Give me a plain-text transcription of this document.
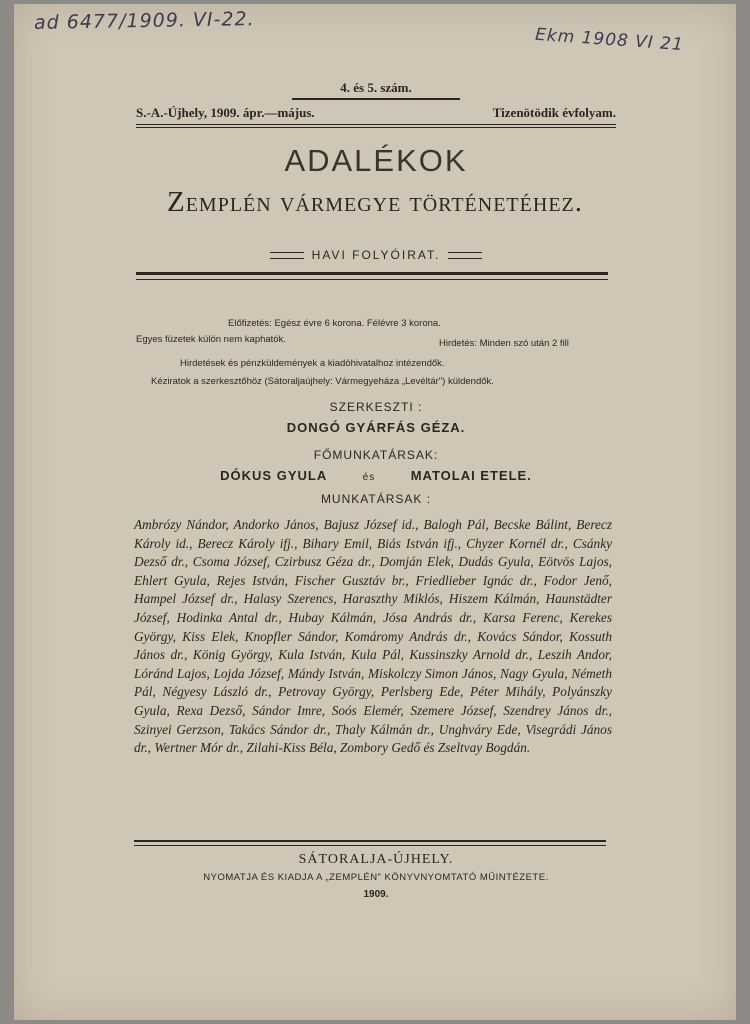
ad 6477/1909. VI-22.
Ekm 1908 VI 21
4. és 5. szám.
S.-A.-Újhely, 1909. ápr.—május.	Tizenötödik évfolyam.
ADALÉKOK
Zemplén vármegye történetéhez.
HAVI FOLYÓIRAT.
Előfizetés: Egész évre 6 korona. Félévre 3 korona.
Egyes füzetek külön nem kaphatók.	Hirdetés: Minden szó után 2 fill
Hirdetések és pénzküldemények a kiadóhivatalhoz intézendők.
Kéziratok a szerkesztőhöz (Sátoraljaújhely: Vármegyeháza „Levéltár") küldendők.
SZERKESZTI :
DONGÓ GYÁRFÁS GÉZA.
FŐMUNKATÁRSAK:
DÓKUS GYULA	és	MATOLAI ETELE.
MUNKATÁRSAK :
Ambrózy Nándor, Andorko János, Bajusz József id., Balogh Pál, Becske Bálint, Berecz Károly id., Berecz Károly ifj., Bihary Emil, Biás István ifj., Chyzer Kornél dr., Csánky Dezső dr., Csoma József, Czirbusz Géza dr., Domján Elek, Dudás Gyula, Eötvös Lajos, Ehlert Gyula, Rejes István, Fischer Gusztáv br., Friedlieber Ignác dr., Fodor Jenő, Hampel József dr., Halasy Szerencs, Haraszthy Miklós, Hiszem Kálmán, Haunstädter József, Hodinka Antal dr., Hubay Kálmán, Jósa András dr., Karsa Ferenc, Kerekes György, Kiss Elek, Knopfler Sándor, Komáromy András dr., Kovács Sándor, Kossuth János dr., König György, Kula István, Kulа Pál, Kussinszky Arnold dr., Leszih Andor, Lóránd Lajos, Lojda József, Mándy István, Miskolczy Simon János, Nagy Gyula, Németh Pál, Négyesy László dr., Petrovay György, Perlsberg Ede, Péter Mihály, Polyánszky Gyula, Rexa Dezső, Sándor Imre, Soós Elemér, Szemere József, Szendrey János dr., Szinyei Gerzson, Takács Sándor dr., Thaly Kálmán dr., Unghváry Ede, Visegrádi János dr., Wertner Mór dr., Zilahi-Kiss Béla, Zombory Gedő és Zseltvay Bogdán.
SÁTORALJA-ÚJHELY.
NYOMATJA ÉS KIADJA A „ZEMPLÉN" KÖNYVNYOMTATÓ MŰINTÉZETE.
1909.
